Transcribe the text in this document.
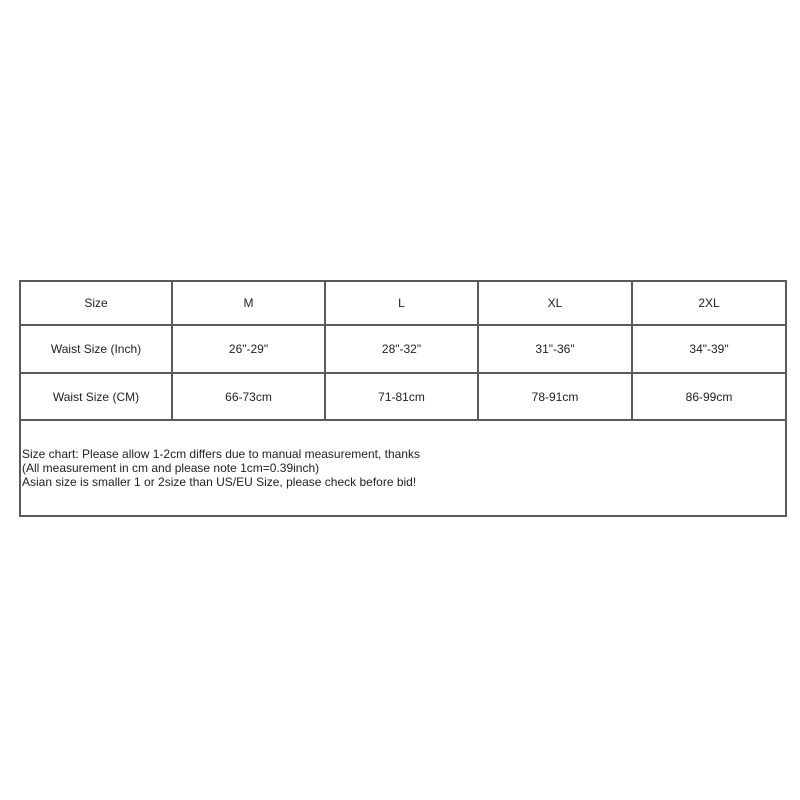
Size	M	L	XL	2XL
Waist Size (Inch)	26"-29"	28"-32"	31"-36"	34"-39"
Waist Size (CM)	66-73cm	71-81cm	78-91cm	86-99cm

Size chart: Please allow 1-2cm differs due to manual measurement, thanks
(All measurement in cm and please note 1cm=0.39inch)
Asian size is smaller 1 or 2size than US/EU Size, please check before bid!				
